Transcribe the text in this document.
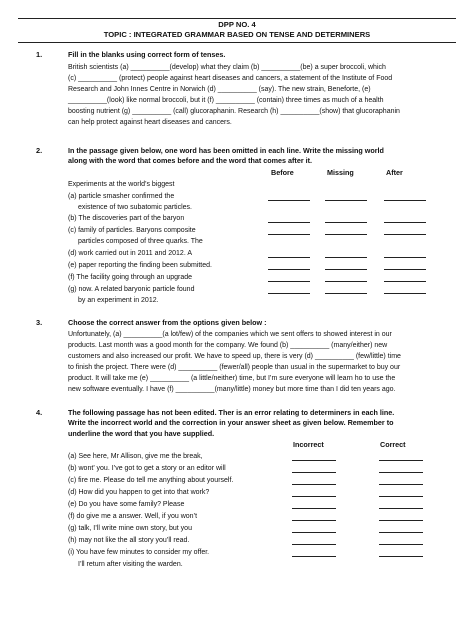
DPP NO. 4
TOPIC : INTEGRATED GRAMMAR BASED ON TENSE AND DETERMINERS
1.	Fill in the blanks using correct form of tenses.
British scientists (a) __________(develop) what they claim (b) __________(be) a super broccoli, which
(c) __________ (protect) people against heart diseases and cancers, a statement of the Institute of Food
Research and John Innes Centre in Norwich (d) __________ (say). The new strain, Beneforte, (e)
__________(look) like normal broccoli, but it (f) __________ (contain) three times as much of a health
boosting nutrient (g) __________ (call) glucoraphanin. Research (h) __________(show) that glucoraphanin
can help protect against heart diseases and cancers.
2.	In the passage given below, one word has been omitted in each line. Write the missing world
along with the word that comes before and the word that comes after it.
Before	Missing	After
Experiments at the world’s biggest
(a) particle smasher confirmed the
existence of two subatomic particles.
(b) The discoveries part of the baryon
(c) family of particles. Baryons composite
particles composed of three quarks. The
(d) work carried out in 2011 and 2012. A
(e) paper reporting the finding been submitted.
(f) The facility going through an upgrade
(g) now. A related baryonic particle found
by an experiment in 2012.
3.	Choose the correct answer from the options given below :
Unfortunately, (a) __________(a lot/few) of the companies which we sent offers to showed interest in our
products. Last month was a good month for the company. We found (b) __________ (many/either) new
customers and also increased our profit. We have to speed up, there is very (d) __________ (few/little) time
to finish the project. There were (d) __________ (fewer/all) people than usual in the supermarket to buy our
product. It will take me (e) __________ (a little/neither) time, but I’m sure everyone will learn ho to use the
new software eventually. I have (f) __________(many/little) money but more time than I did ten years ago.
4.	The following passage has not been edited. Ther is an error relating to determiners in each line.
Write the incorrect world and the correction in your answer sheet as given below. Remember to
underline the word that you have supplied.
Incorrect	Correct
(a) See here, Mr Allison, give me the break,
(b) wont’ you. I’ve got to get a story or an editor will
(c) fire me. Please do tell me anything about yourself.
(d) How did you happen to get into that work?
(e) Do you have some family? Please
(f) do give me a answer. Well, if you won’t
(g) talk, I’ll write mine own story, but you
(h) may not like the all story you’ll read.
(i) You have few minutes to consider my offer.
I’ll return after visiting the warden.
